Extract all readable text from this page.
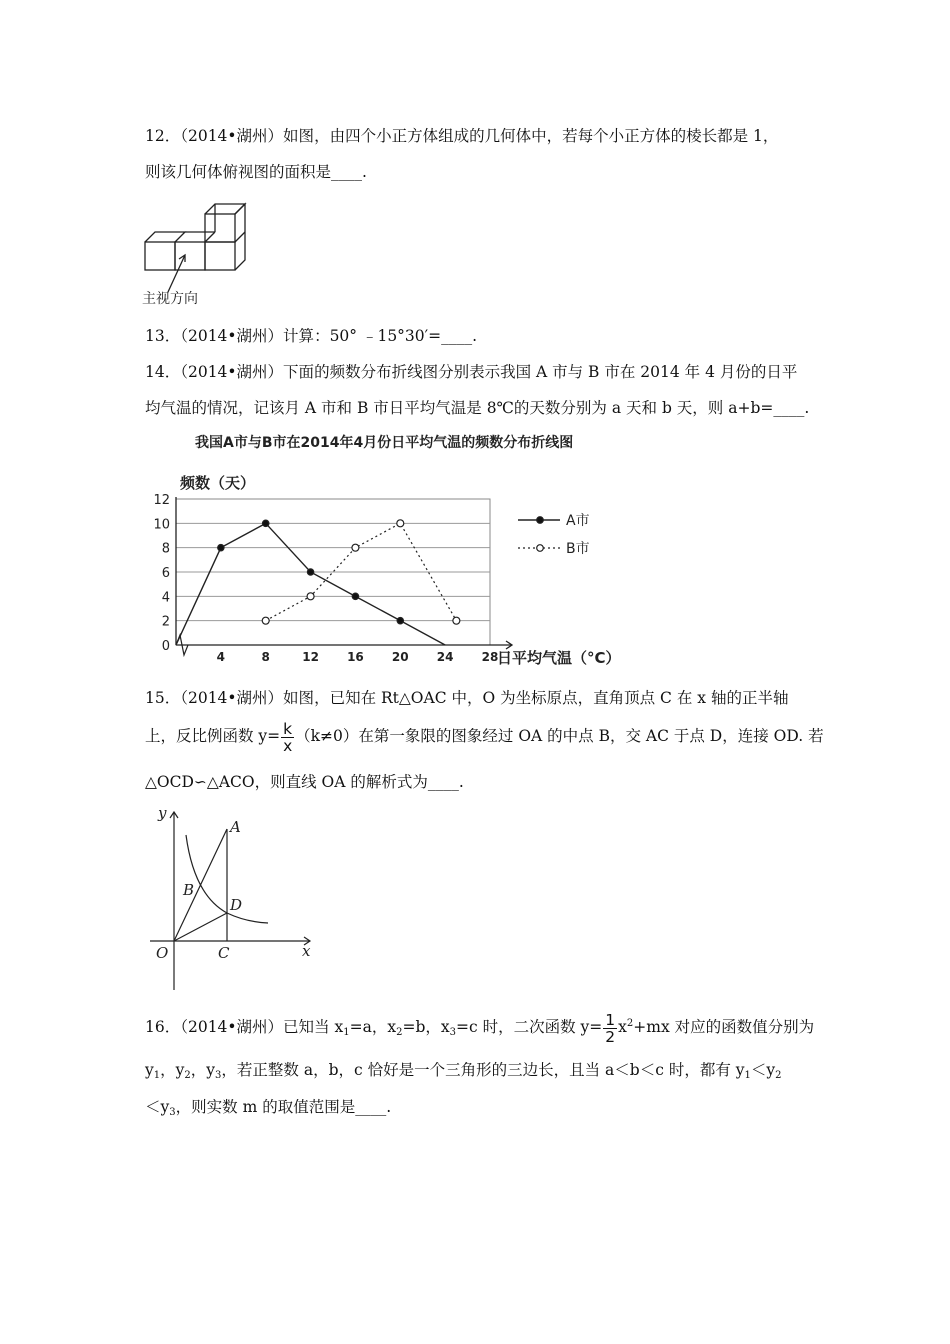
12．（2014•湖州）如图，由四个小正方体组成的几何体中，若每个小正方体的棱长都是 1，
则该几何体俯视图的面积是____.
主视方向
13．（2014•湖州）计算：50° ﹣15°30′=____.
14．（2014•湖州）下面的频数分布折线图分别表示我国 A 市与 B 市在 2014 年 4 月份的日平
均气温的情况，记该月 A 市和 B 市日平均气温是 8℃的天数分别为 a 天和 b 天，则 a+b=____.
我国A市与B市在2014年4月份日平均气温的频数分布折线图
频数（天）
日平均气温（°C）
0
2
4
6
8
10
12
4	8	12 16 20 24 28
A市
B市
15．（2014•湖州）如图，已知在 Rt△OAC 中，O 为坐标原点，直角顶点 C 在 x 轴的正半轴
上，反比例函数 $y= \frac{k}{x} (k\ne 0)$在第一象限的图象经过 OA 的中点 B，交 AC 于点 D，连接 OD. 若
△OCD∽△ACO，则直线 OA 的解析式为____.
y
x
A
B
D
C
O
16．（2014•湖州）已知当 $x_1=a$，$x_2=b$，$x_3=c$ 时，二次函数 $y= \frac{1}{2} x^2+mx$ 对应的函数值分别为
$y_1$，$y_2$，$y_3$，若正整数 a，b，c 恰好是一个三角形的三边长，且当 a＜b＜c 时，都有 $y_1<y_2$
$<y_3$，则实数 m 的取值范围是____.
